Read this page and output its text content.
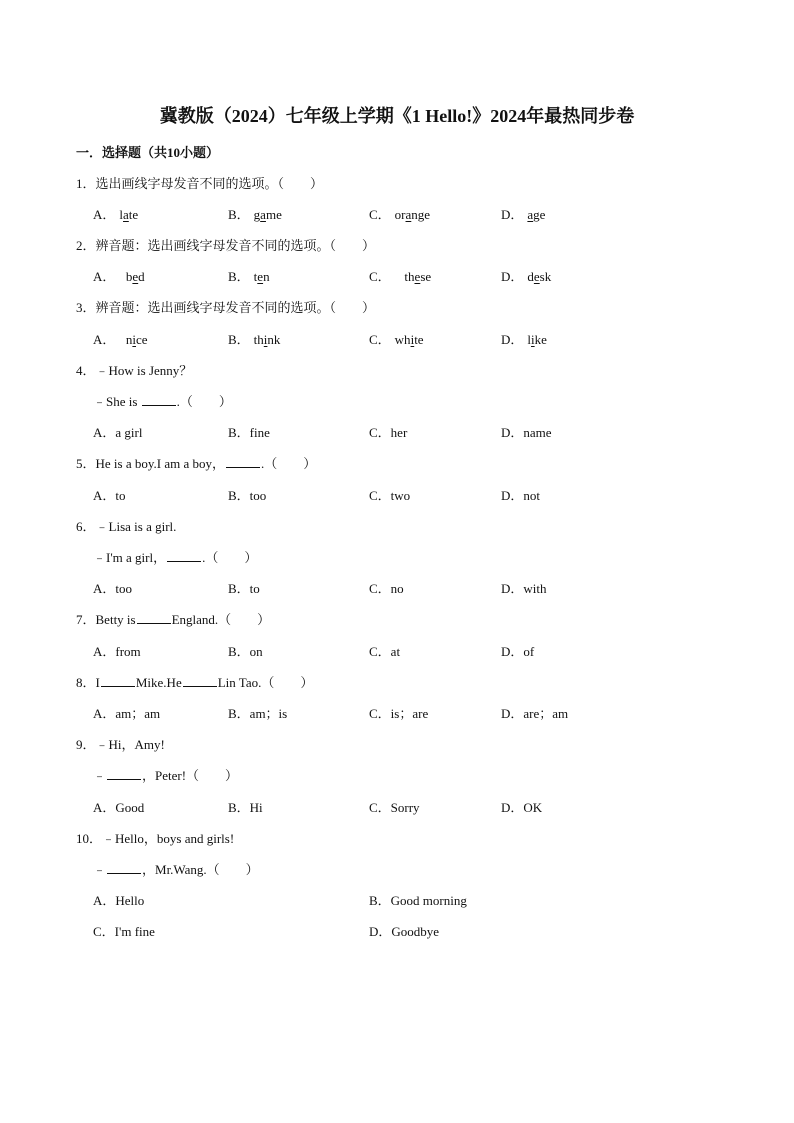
冀教版（2024）七年级上学期《1 Hello!》2024年最热同步卷
一．选择题（共10小题）
1．选出画线字母发音不同的选项。（　　）
A． late	B． game	C． orange	D． age
2．辨音题：选出画线字母发音不同的选项。（　　）
A． bed	B． ten	C． these	D． desk
3．辨音题：选出画线字母发音不同的选项。（　　）
A． nice	B． think	C． white	D． like
4．﹣How is Jenny？
﹣She is	.（　　）
A．a girl	B．fine	C．her	D．name
5．He is a boy.I am a boy，	.（　　）
A．to	B．too	C．two	D．not
6．﹣Lisa is a girl.
﹣I'm a girl，	.（　　）
A．too	B．to	C．no	D．with
7．Betty is	England.（　　）
A．from	B．on	C．at	D．of
8．I	Mike.He	Lin Tao.（　　）
A．am；am	B．am；is	C．is；are	D．are；am
9．﹣Hi，Amy!
﹣	，Peter!（　　）
A．Good	B．Hi	C．Sorry	D．OK
10．﹣Hello，boys and girls!
﹣	，Mr.Wang.（　　）
A．Hello	B．Good morning
C．I'm fine	D．Goodbye
